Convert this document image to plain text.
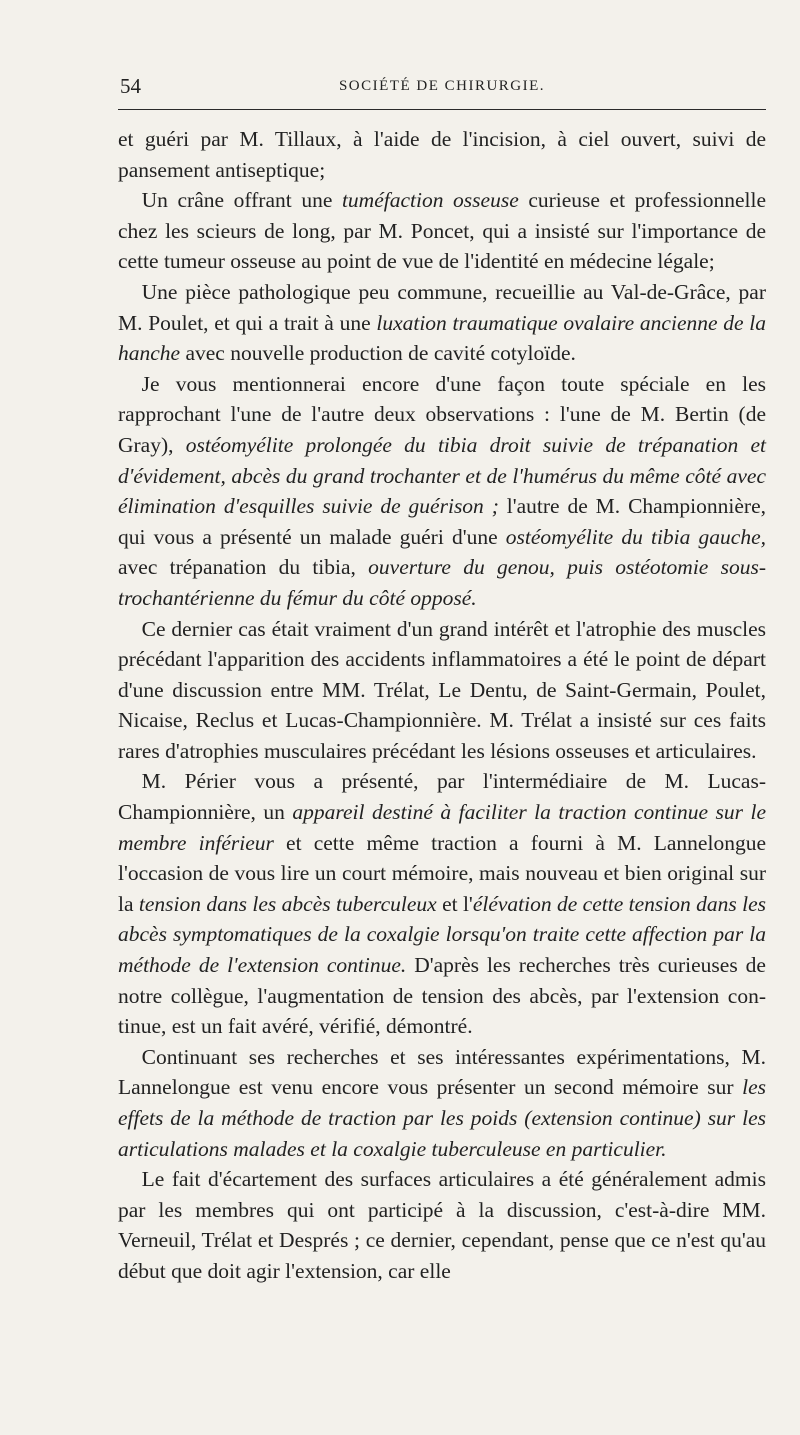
54	SOCIÉTÉ DE CHIRURGIE.

et guéri par M. Tillaux, à l'aide de l'incision, à ciel ouvert, suivi de pansement antiseptique;

Un crâne offrant une tuméfaction osseuse curieuse et professionnelle chez les scieurs de long, par M. Poncet, qui a insisté sur l'importance de cette tumeur osseuse au point de vue de l'identité en médecine légale;

Une pièce pathologique peu commune, recueillie au Val-de-Grâce, par M. Poulet, et qui a trait à une luxation traumatique ovalaire ancienne de la hanche avec nouvelle production de cavité cotyloïde.

Je vous mentionnerai encore d'une façon toute spéciale en les rapprochant l'une de l'autre deux observations : l'une de M. Bertin (de Gray), ostéomyélite prolongée du tibia droit suivie de trépanation et d'évidement, abcès du grand trochanter et de l'humérus du même côté avec élimination d'esquilles suivie de guérison ; l'autre de M. Championnière, qui vous a présenté un malade guéri d'une ostéomyélite du tibia gauche, avec trépanation du tibia, ouverture du genou, puis ostéotomie sous-trochantérienne du fémur du côté opposé.

Ce dernier cas était vraiment d'un grand intérêt et l'atrophie des muscles précédant l'apparition des accidents inflammatoires a été le point de départ d'une discussion entre MM. Trélat, Le Dentu, de Saint-Germain, Poulet, Nicaise, Reclus et Lucas-Championnière. M. Trélat a insisté sur ces faits rares d'atrophies musculaires précédant les lésions osseuses et articulaires.

M. Périer vous a présenté, par l'intermédiaire de M. Lucas-Championnière, un appareil destiné à faciliter la traction continue sur le membre inférieur et cette même traction a fourni à M. Lannelongue l'occasion de vous lire un court mémoire, mais nouveau et bien original sur la tension dans les abcès tuberculeux et l'élévation de cette tension dans les abcès symptomatiques de la coxalgie lorsqu'on traite cette affection par la méthode de l'extension continue. D'après les recherches très curieuses de notre collègue, l'augmentation de tension des abcès, par l'extension continue, est un fait avéré, vérifié, démontré.

Continuant ses recherches et ses intéressantes expérimentations, M. Lannelongue est venu encore vous présenter un second mémoire sur les effets de la méthode de traction par les poids (extension continue) sur les articulations malades et la coxalgie tuberculeuse en particulier.

Le fait d'écartement des surfaces articulaires a été généralement admis par les membres qui ont participé à la discussion, c'est-à-dire MM. Verneuil, Trélat et Després ; ce dernier, cependant, pense que ce n'est qu'au début que doit agir l'extension, car elle
